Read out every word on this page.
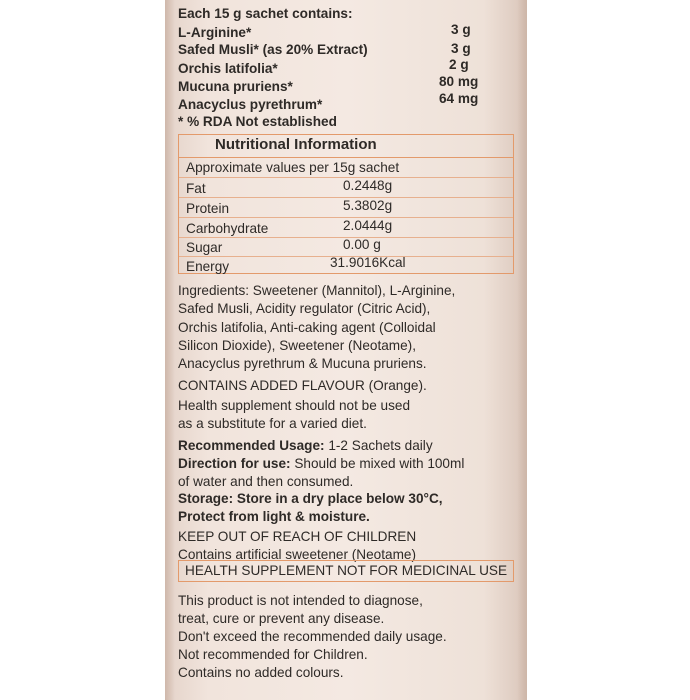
Each 15 g sachet contains:
L-Arginine*	3 g
Safed Musli* (as 20% Extract)	3 g
Orchis latifolia*	2 g
Mucuna pruriens*	80 mg
Anacyclus pyrethrum*	64 mg
* % RDA Not established
Nutritional Information
Approximate values per 15g sachet
Fat	0.2448g
Protein	5.3802g
Carbohydrate	2.0444g
Sugar	0.00 g
Energy	31.9016Kcal
Ingredients: Sweetener (Mannitol), L-Arginine,
Safed Musli, Acidity regulator (Citric Acid),
Orchis latifolia, Anti-caking agent (Colloidal
Silicon Dioxide), Sweetener (Neotame),
Anacyclus pyrethrum & Mucuna pruriens.
CONTAINS ADDED FLAVOUR (Orange).
Health supplement should not be used
as a substitute for a varied diet.
Recommended Usage: 1-2 Sachets daily
Direction for use: Should be mixed with 100ml
of water and then consumed.
Storage: Store in a dry place below 30°C,
Protect from light & moisture.
KEEP OUT OF REACH OF CHILDREN
Contains artificial sweetener (Neotame)
HEALTH SUPPLEMENT NOT FOR MEDICINAL USE
This product is not intended to diagnose,
treat, cure or prevent any disease.
Don't exceed the recommended daily usage.
Not recommended for Children.
Contains no added colours.
